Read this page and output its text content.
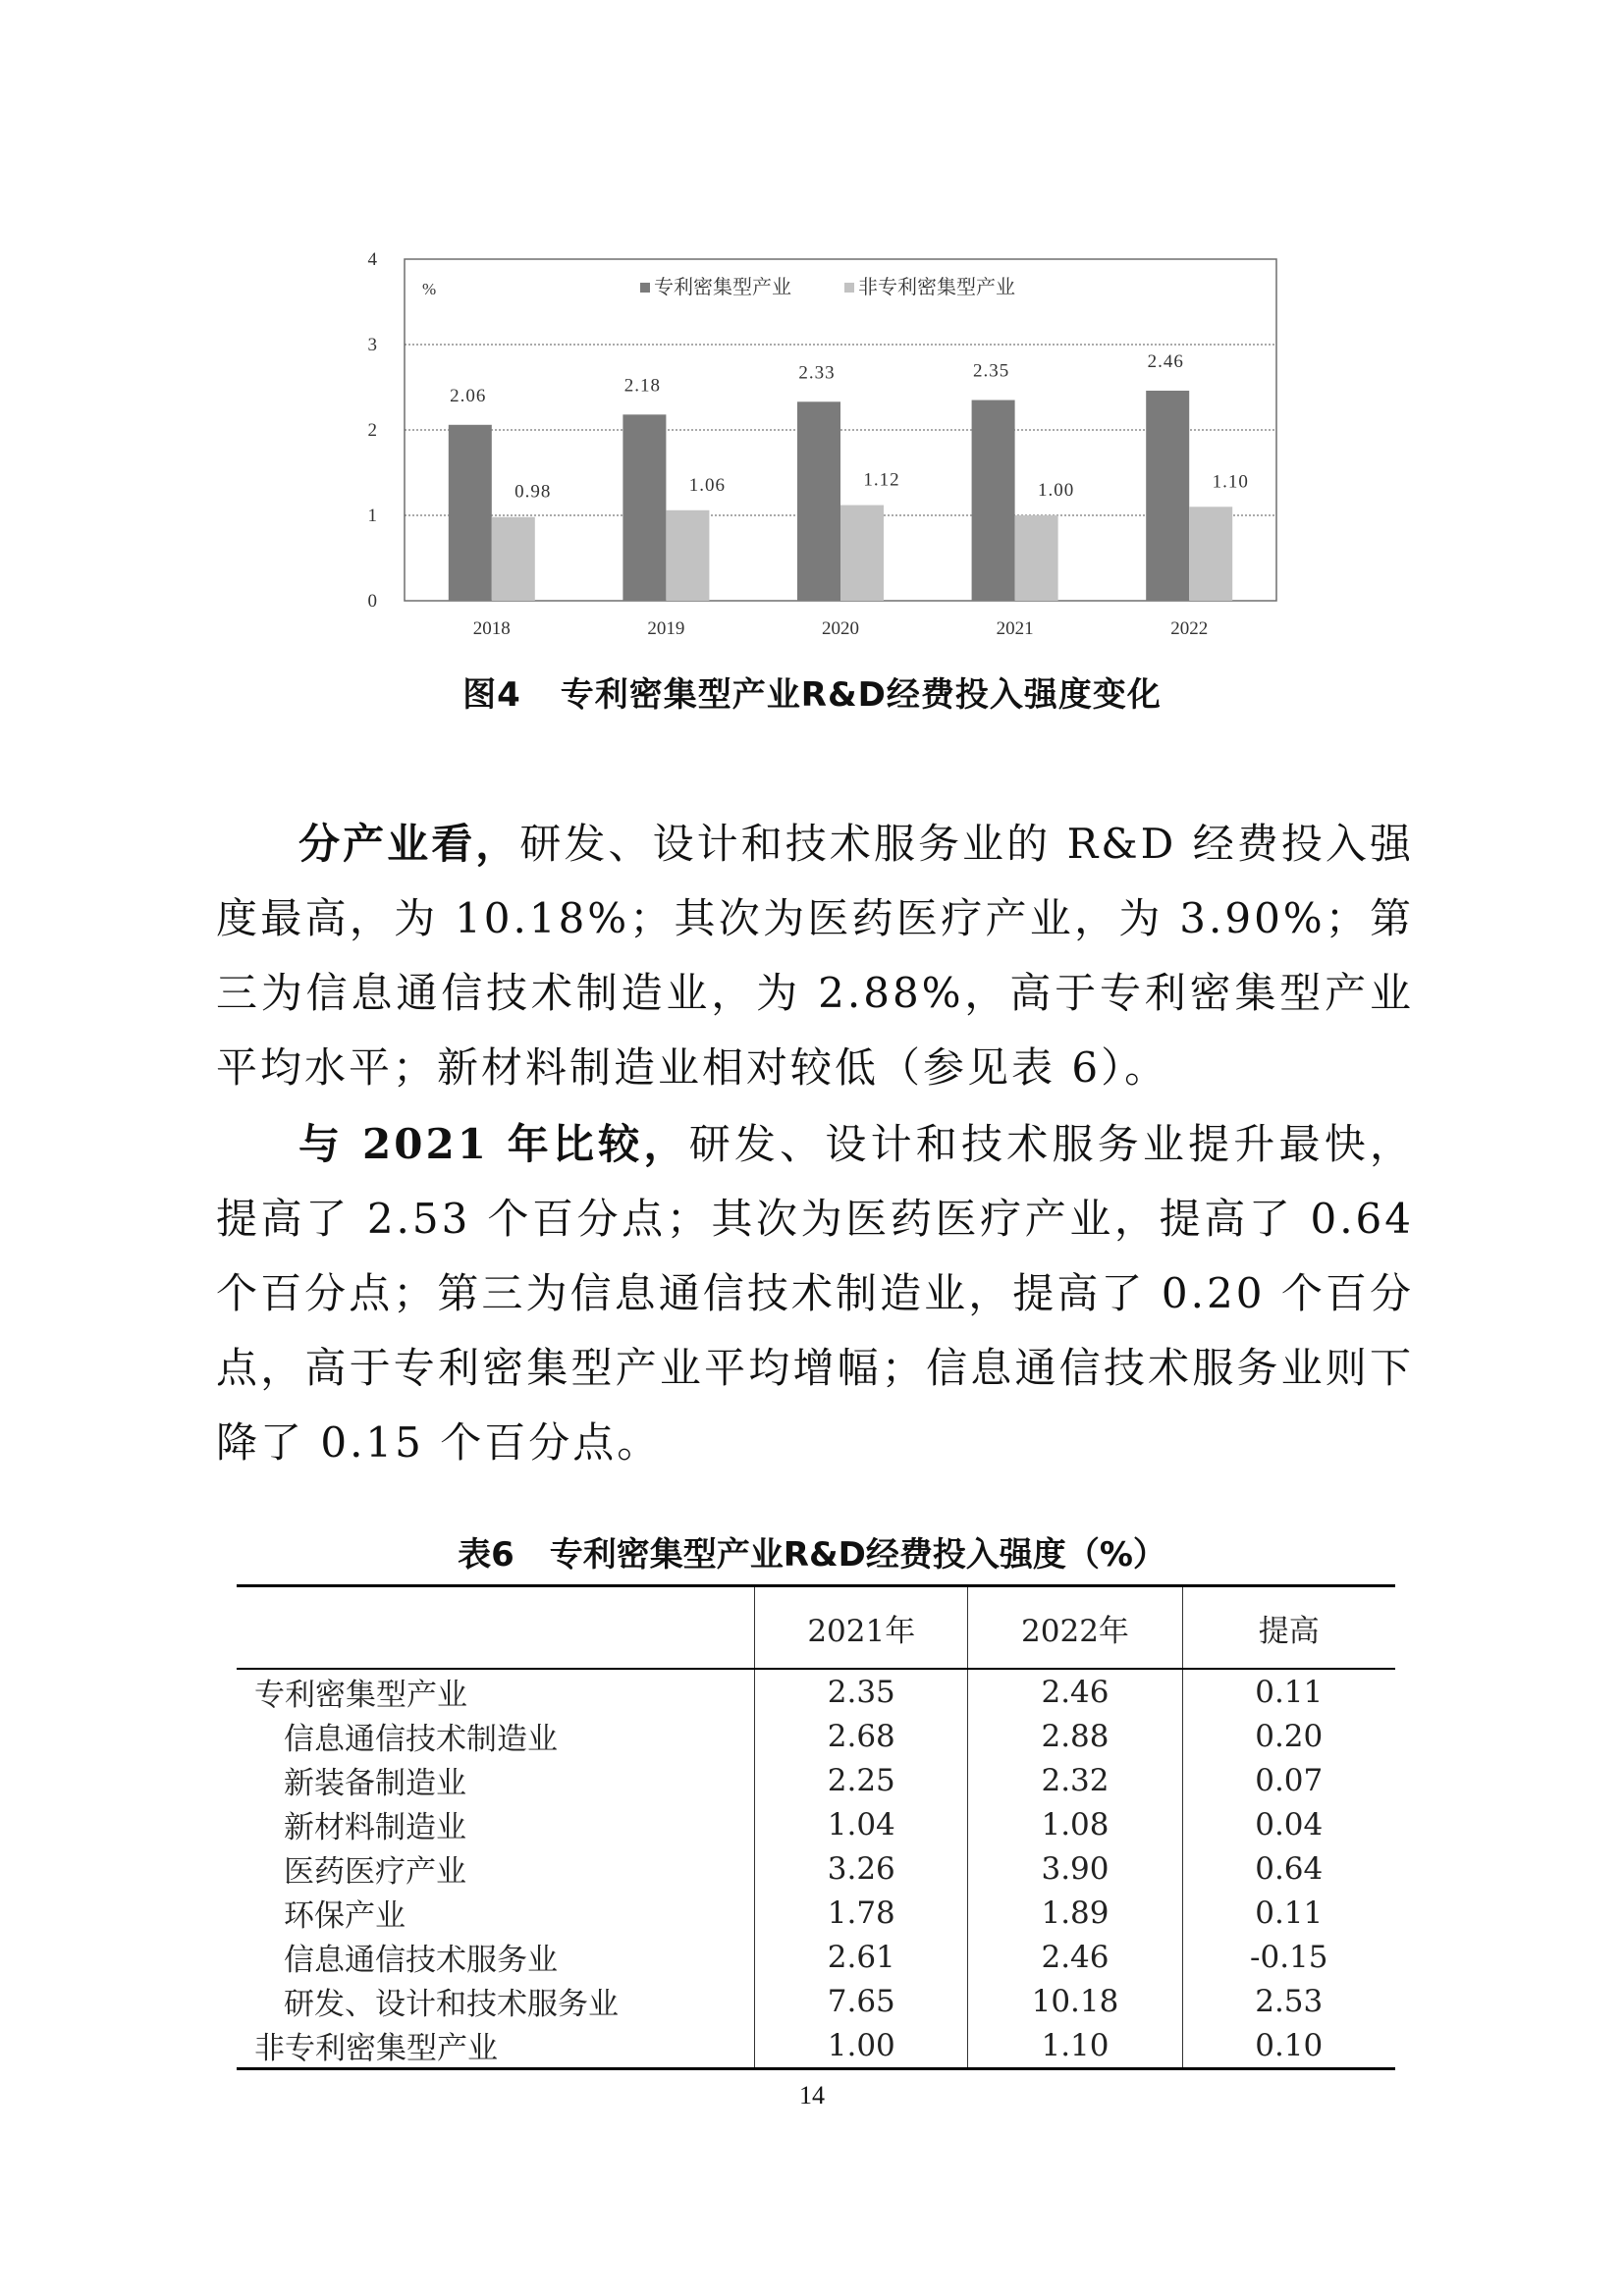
0
1
2
3
4
%	专利密集型产业	非专利密集型产业
2.06
0.98
2018
2.18
1.06
2019
2.33
1.12
2020
2.35
1.00
2021
2.46
1.10
2022
图4 专利密集型产业R&D经费投入强度变化

分产业看，研发、设计和技术服务业的 R&D 经费投入强度最高，为 10.18%；其次为医药医疗产业，为 3.90%；第三为信息通信技术制造业，为 2.88%，高于专利密集型产业平均水平；新材料制造业相对较低（参见表 6）。

与 2021 年比较，研发、设计和技术服务业提升最快，提高了 2.53 个百分点；其次为医药医疗产业，提高了 0.64 个百分点；第三为信息通信技术制造业，提高了 0.20 个百分点，高于专利密集型产业平均增幅；信息通信技术服务业则下降了 0.15 个百分点。

表6 专利密集型产业R&D经费投入强度（%）
	2021年	2022年	提高
专利密集型产业	2.35	2.46	0.11
信息通信技术制造业	2.68	2.88	0.20
新装备制造业	2.25	2.32	0.07
新材料制造业	1.04	1.08	0.04
医药医疗产业	3.26	3.90	0.64
环保产业	1.78	1.89	0.11
信息通信技术服务业	2.61	2.46	-0.15
研发、设计和技术服务业	7.65	10.18	2.53
非专利密集型产业	1.00	1.10	0.10
14
